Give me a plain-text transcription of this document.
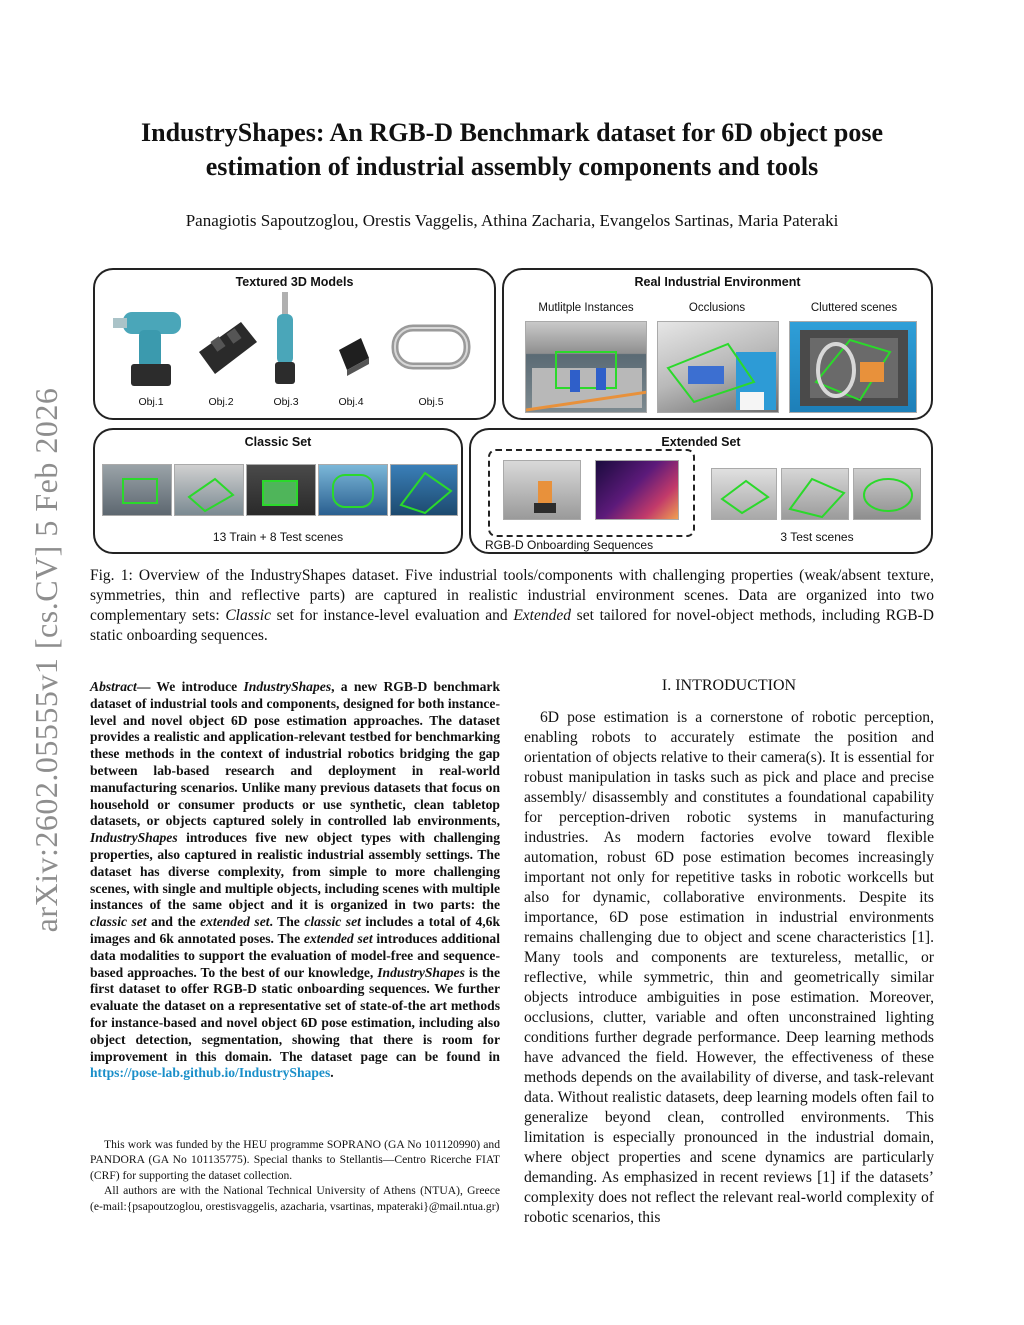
arXiv:2602.05555v1 [cs.CV] 5 Feb 2026
IndustryShapes: An RGB-D Benchmark dataset for 6D object pose estimation of industrial assembly components and tools
Panagiotis Sapoutzoglou, Orestis Vaggelis, Athina Zacharia, Evangelos Sartinas, Maria Pateraki
Textured 3D Models
Obj.1	Obj.2	Obj.3	Obj.4	Obj.5
Real Industrial Environment
Mutlitple Instances	Occlusions	Cluttered scenes
Classic Set
13 Train + 8 Test scenes
Extended Set
RGB-D Onboarding Sequences
3 Test scenes

Fig. 1: Overview of the IndustryShapes dataset. Five industrial tools/components with challenging properties (weak/absent texture, symmetries, thin and reflective parts) are captured in realistic industrial environment scenes. Data are organized into two complementary sets: Classic set for instance-level evaluation and Extended set tailored for novel-object methods, including RGB-D static onboarding sequences.

Abstract— We introduce IndustryShapes, a new RGB-D benchmark dataset of industrial tools and components, designed for both instance-level and novel object 6D pose estimation approaches. The dataset provides a realistic and application-relevant testbed for benchmarking these methods in the context of industrial robotics bridging the gap between lab-based research and deployment in real-world manufacturing scenarios. Unlike many previous datasets that focus on household or consumer products or use synthetic, clean tabletop datasets, or objects captured solely in controlled lab environments, IndustryShapes introduces five new object types with challenging properties, also captured in realistic industrial assembly settings. The dataset has diverse complexity, from simple to more challenging scenes, with single and multiple objects, including scenes with multiple instances of the same object and it is organized in two parts: the classic set and the extended set. The classic set includes a total of 4,6k images and 6k annotated poses. The extended set introduces additional data modalities to support the evaluation of model-free and sequence-based approaches. To the best of our knowledge, IndustryShapes is the first dataset to offer RGB-D static onboarding sequences. We further evaluate the dataset on a representative set of state-of-the art methods for instance-based and novel object 6D pose estimation, including also object detection, segmentation, showing that there is room for improvement in this domain. The dataset page can be found in https://pose-lab.github.io/IndustryShapes.

This work was funded by the HEU programme SOPRANO (GA No 101120990) and PANDORA (GA No 101135775). Special thanks to Stellantis—Centro Ricerche FIAT (CRF) for supporting the dataset collection.

All authors are with the National Technical University of Athens (NTUA), Greece (e-mail:{psapoutzoglou, orestisvaggelis, azacharia, vsartinas, mpateraki}@mail.ntua.gr)

I. INTRODUCTION

6D pose estimation is a cornerstone of robotic perception, enabling robots to accurately estimate the position and orientation of objects relative to their camera(s). It is essential for robust manipulation in tasks such as pick and place and precise assembly/ disassembly and constitutes a foundational capability for perception-driven robotic systems in manufacturing industries. As modern factories evolve toward flexible automation, robust 6D pose estimation becomes increasingly important not only for repetitive tasks in robotic workcells but also for dynamic, collaborative environments. Despite its importance, 6D pose estimation in industrial environments remains challenging due to object and scene characteristics [1]. Many tools and components are textureless, metallic, or reflective, while symmetric, thin and geometrically similar objects introduce ambiguities in pose estimation. Moreover, occlusions, clutter, variable and often unconstrained lighting conditions further degrade performance. Deep learning methods have advanced the field. However, the effectiveness of these methods depends on the availability of diverse, and task-relevant data. Without realistic datasets, deep learning models often fail to generalize beyond clean, controlled environments. This limitation is especially pronounced in the industrial domain, where object properties and scene dynamics are particularly demanding. As emphasized in recent reviews [1] if the datasets’ complexity does not reflect the relevant real-world complexity of robotic scenarios, this
